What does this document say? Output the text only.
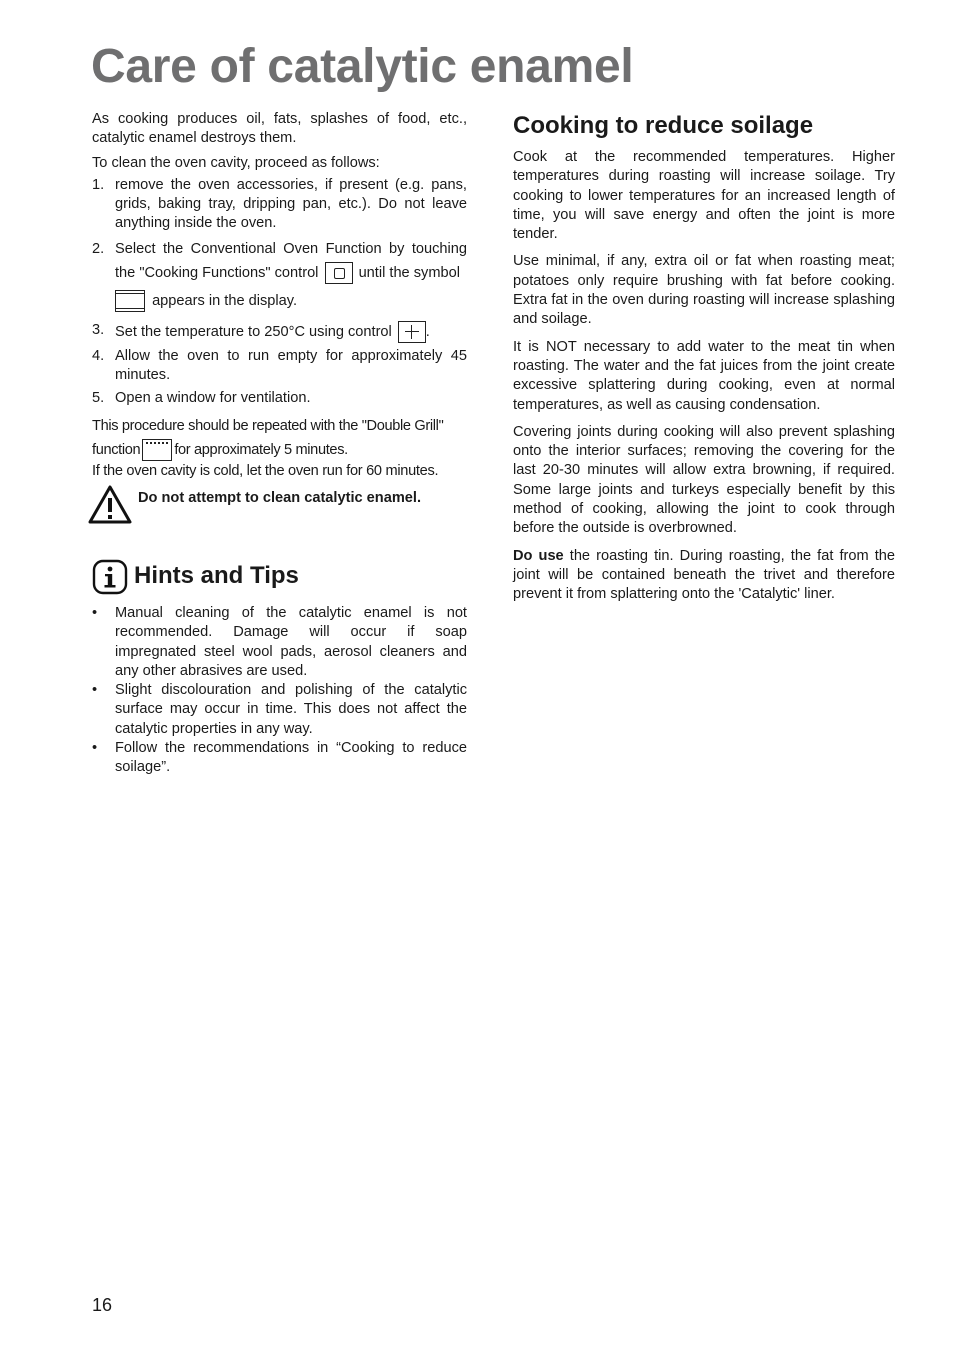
Care of catalytic enamel

As cooking produces oil, fats, splashes of food, etc., catalytic enamel destroys them.

To clean the oven cavity, proceed as follows:

1. remove the oven accessories, if present (e.g. pans, grids, baking tray, dripping pan, etc.). Do not leave anything inside the oven.
2. Select the Conventional Oven Function by touching the "Cooking Functions" control	until the symbol
appears in the display.
3. Set the temperature to 250°C using control .
4. Allow the oven to run empty for approximately 45 minutes.
5. Open a window for ventilation.

This procedure should be repeated with the "Double Grill"
function for approximately 5 minutes.

If the oven cavity is cold, let the oven run for 60 minutes.

Do not attempt to clean catalytic enamel.
Hints and Tips
• Manual cleaning of the catalytic enamel is not recommended. Damage will occur if soap impregnated steel wool pads, aerosol cleaners and any other abrasives are used.
• Slight discolouration and polishing of the catalytic surface may occur in time. This does not affect the catalytic properties in any way.
• Follow the recommendations in “Cooking to reduce soilage”.
Cooking to reduce soilage

Cook at the recommended temperatures. Higher temperatures during roasting will increase soilage. Try cooking to lower temperatures for an increased length of time, you will save energy and often the joint is more tender.

Use minimal, if any, extra oil or fat when roasting meat; potatoes only require brushing with fat before cooking. Extra fat in the oven during roasting will increase splashing and soilage.

It is NOT necessary to add water to the meat tin when roasting. The water and the fat juices from the joint create excessive splattering during cooking, even at normal temperatures, as well as causing condensation.

Covering joints during cooking will also prevent splashing onto the interior surfaces; removing the covering for the last 20-30 minutes will allow extra browning, if required. Some large joints and turkeys especially benefit by this method of cooking, allowing the joint to cook through before the outside is overbrowned.

Do use the roasting tin. During roasting, the fat from the joint will be contained beneath the trivet and therefore prevent it from splattering onto the 'Catalytic' liner.

16
